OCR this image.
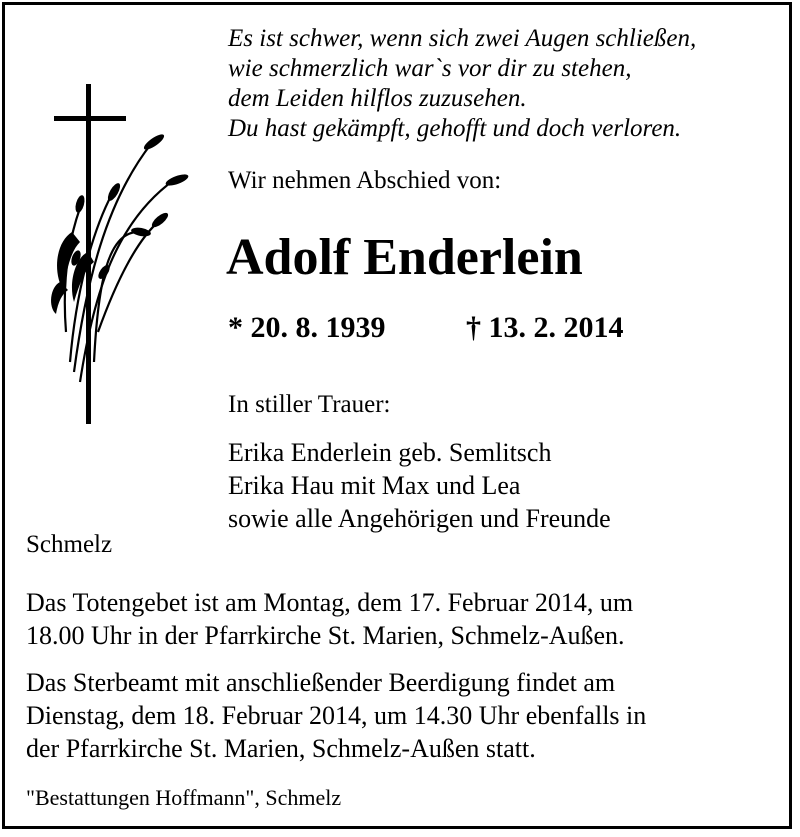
Es ist schwer, wenn sich zwei Augen schließen,
wie schmerzlich war`s vor dir zu stehen,
dem Leiden hilflos zuzusehen.
Du hast gekämpft, gehofft und doch verloren.

Wir nehmen Abschied von:

Adolf Enderlein
* 20. 8. 1939	† 13. 2. 2014

In stiller Trauer:

Erika Enderlein geb. Semlitsch
Erika Hau mit Max und Lea
sowie alle Angehörigen und Freunde
Schmelz
Das Totengebet ist am Montag, dem 17. Februar 2014, um
18.00 Uhr in der Pfarrkirche St. Marien, Schmelz-Außen.
Das Sterbeamt mit anschließender Beerdigung findet am
Dienstag, dem 18. Februar 2014, um 14.30 Uhr ebenfalls in
der Pfarrkirche St. Marien, Schmelz-Außen statt.
"Bestattungen Hoffmann", Schmelz
